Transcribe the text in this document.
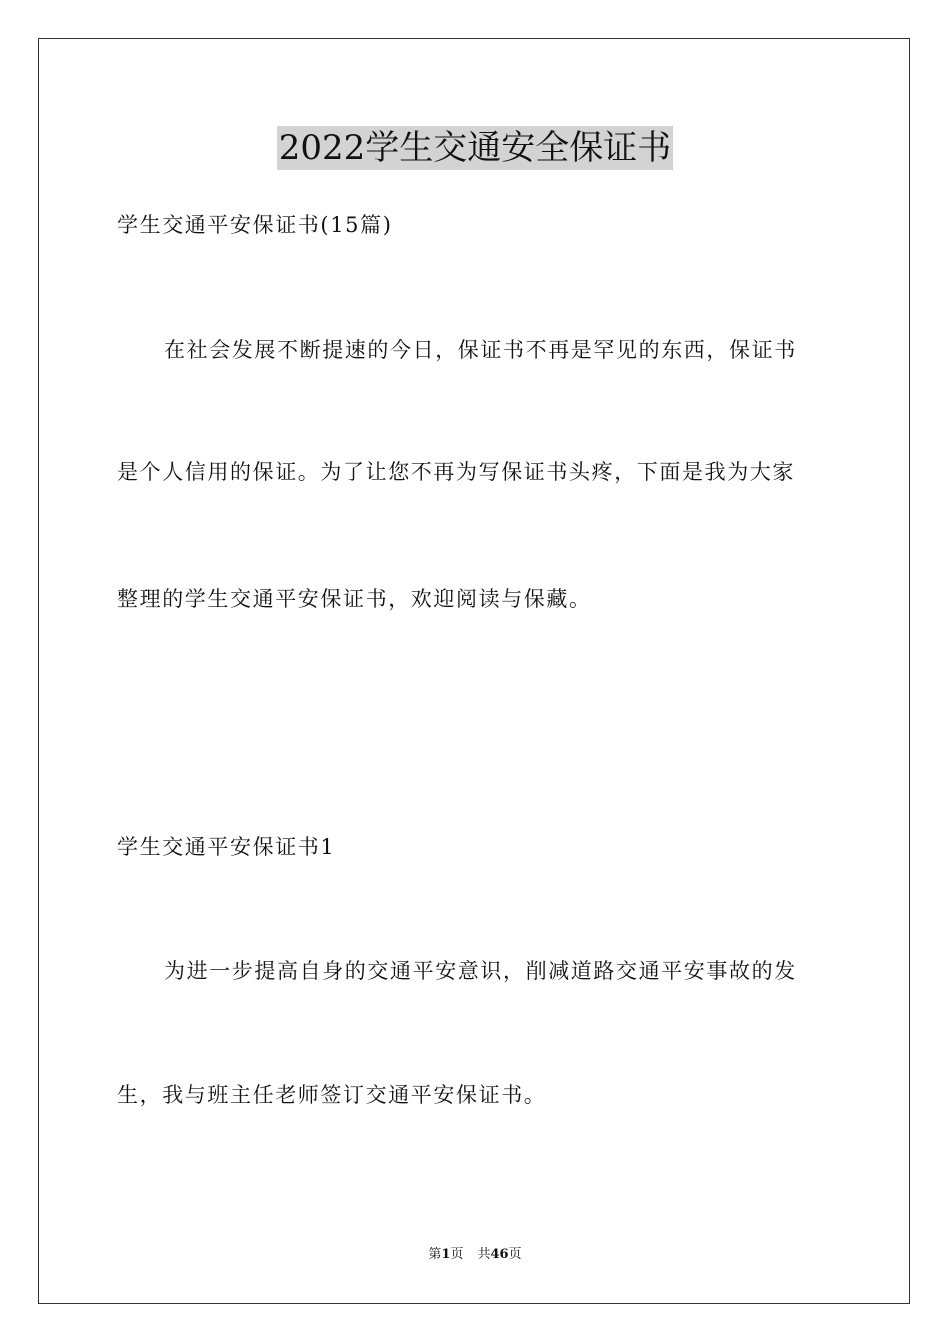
2022学生交通安全保证书
学生交通平安保证书(15篇)
在社会发展不断提速的今日，保证书不再是罕见的东西，保证书
是个人信用的保证。为了让您不再为写保证书头疼，下面是我为大家
整理的学生交通平安保证书，欢迎阅读与保藏。
学生交通平安保证书1
为进一步提高自身的交通平安意识，削减道路交通平安事故的发
生，我与班主任老师签订交通平安保证书。
第1页 共46页
